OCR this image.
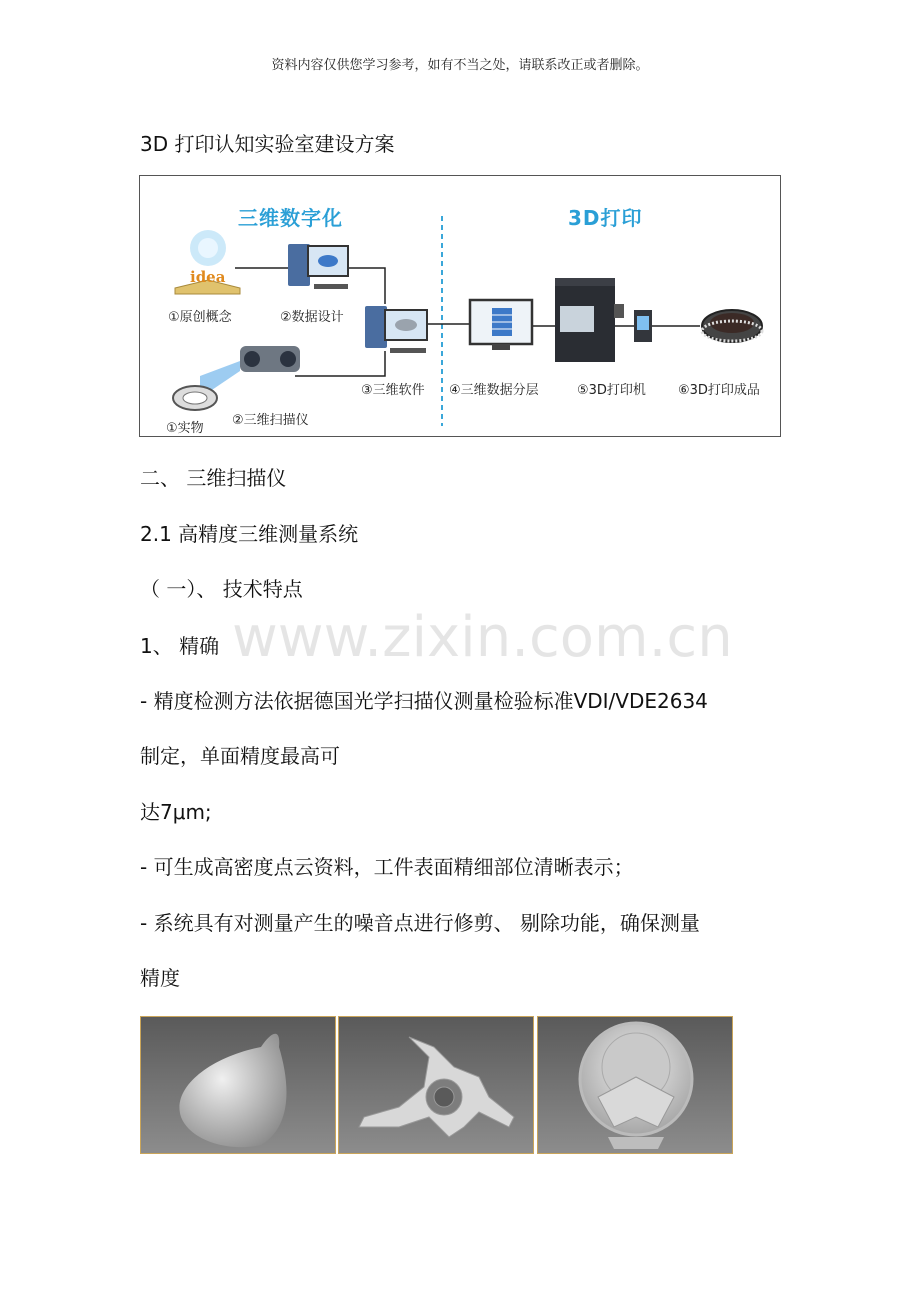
资料内容仅供您学习参考，如有不当之处，请联系改正或者删除。
3D 打印认知实验室建设方案
idea
三维数字化	3D打印
①原创概念	②数据设计
③三维软件 ④三维数据分层	⑤3D打印机 ⑥3D打印成品
②三维扫描仪
①实物
二、 三维扫描仪
2.1 高精度三维测量系统
（ 一）、 技术特点
1、 精确 www.zixin.com.cn
- 精度检测方法依据德国光学扫描仪测量检验标准VDI/VDE2634
制定，单面精度最高可
达7μm;
- 可生成高密度点云资料，工件表面精细部位清晰表示；
- 系统具有对测量产生的噪音点进行修剪、 剔除功能，确保测量
精度
